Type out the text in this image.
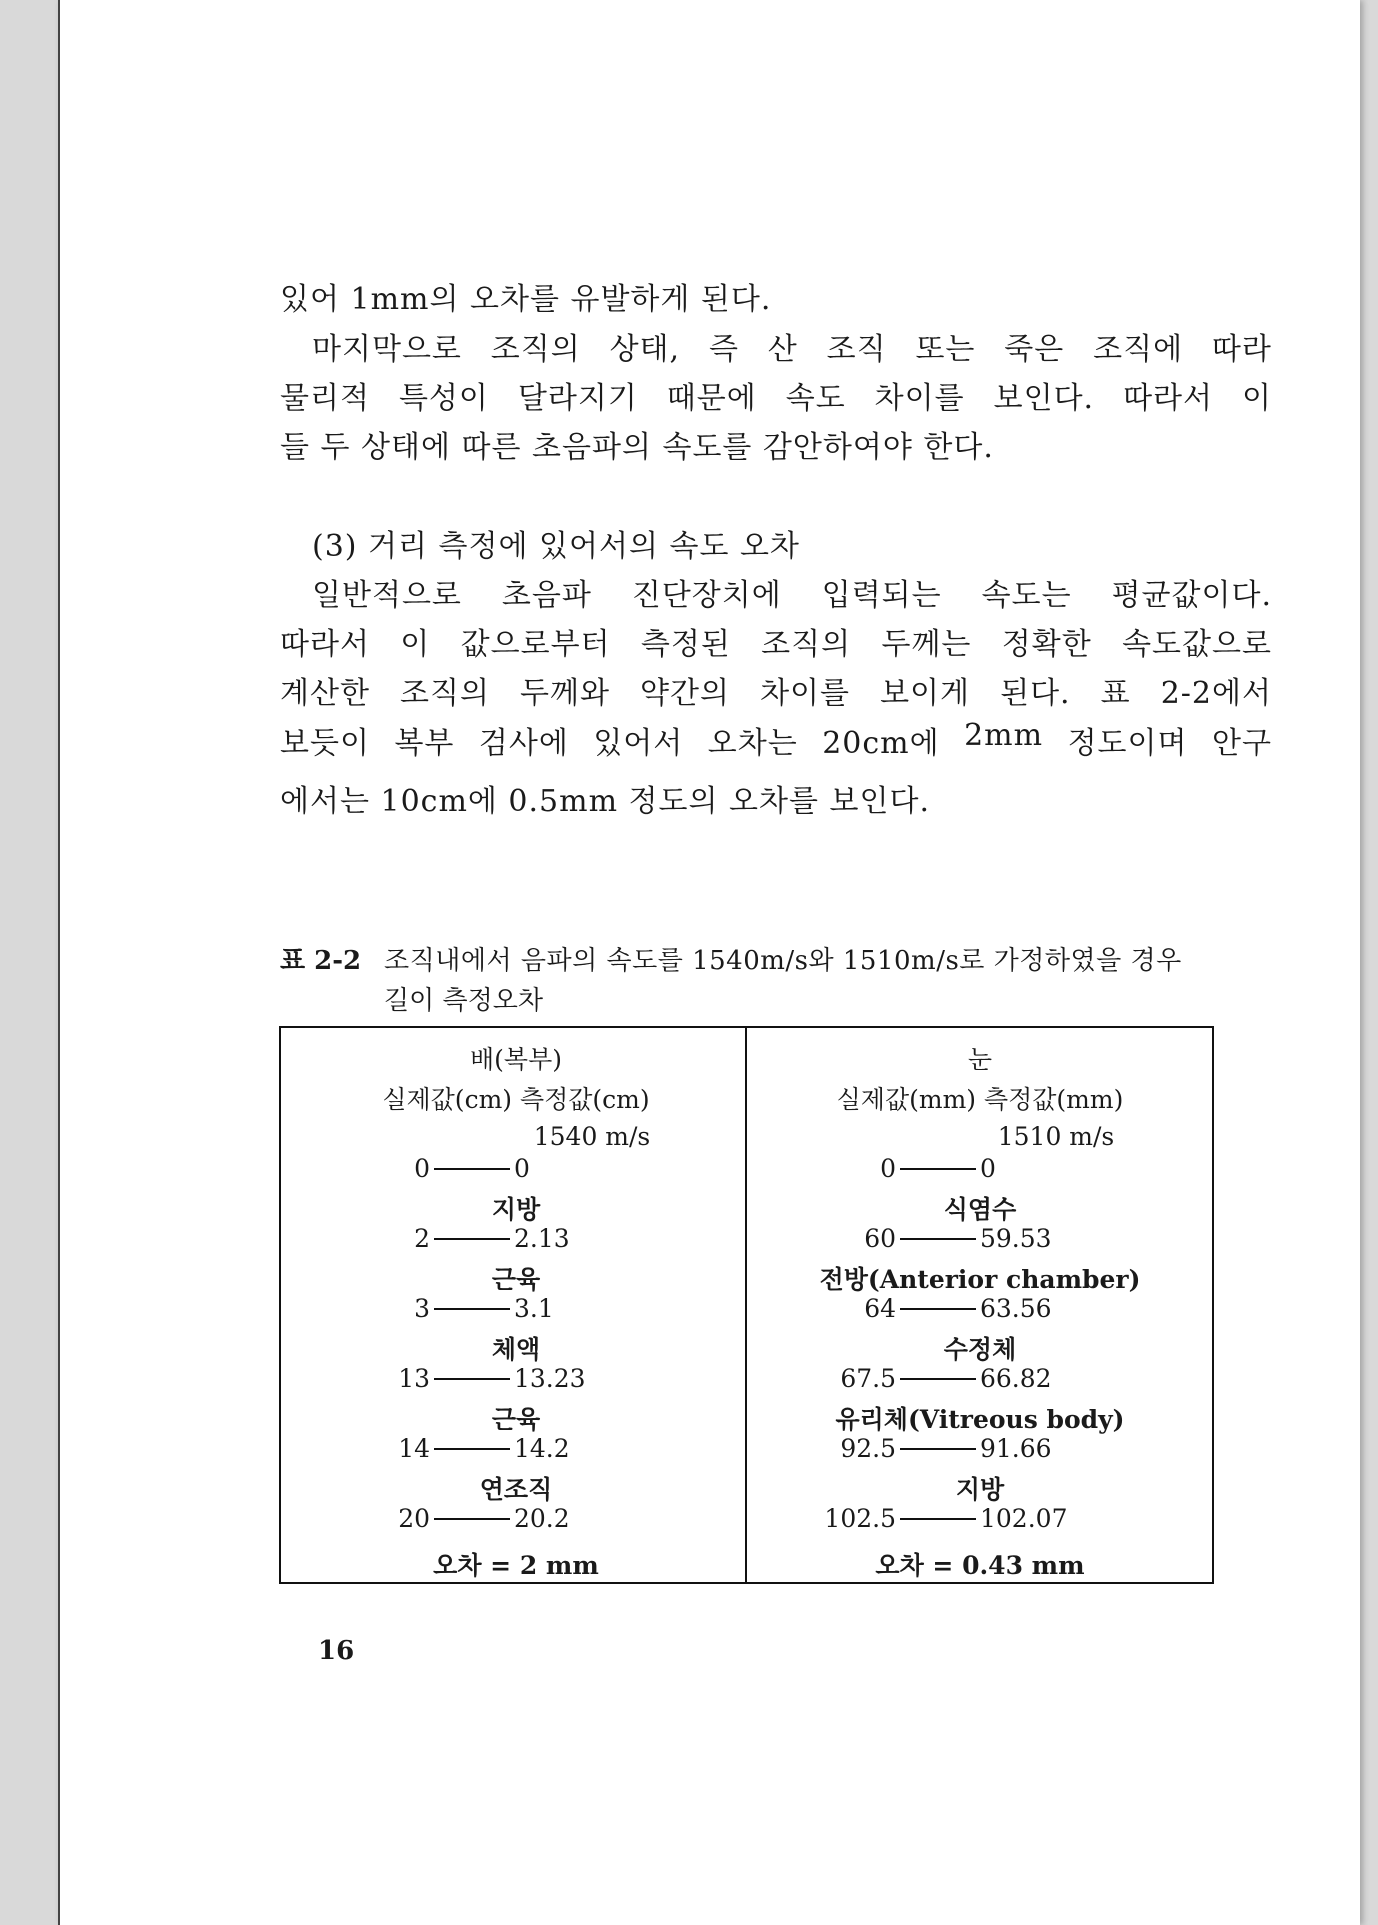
있어 1mm의 오차를 유발하게 된다.
마지막으로 조직의 상태, 즉 산 조직 또는 죽은 조직에 따라
물리적 특성이 달라지기 때문에 속도 차이를 보인다. 따라서 이
들 두 상태에 따른 초음파의 속도를 감안하여야 한다.
(3) 거리 측정에 있어서의 속도 오차
일반적으로 초음파 진단장치에 입력되는 속도는 평균값이다.
따라서 이 값으로부터 측정된 조직의 두께는 정확한 속도값으로
계산한 조직의 두께와 약간의 차이를 보이게 된다. 표 2-2에서
보듯이 복부 검사에 있어서 오차는 20cm에 2mm 정도이며 안구
에서는 10cm에 0.5mm 정도의 오차를 보인다.
표 2-2 조직내에서 음파의 속도를 1540m/s와 1510m/s로 가정하였을 경우
길이 측정오차
배(복부)
실제값(cm) 측정값(cm)
1540 m/s
0	0
지방
2	2.13
근육
3	3.1
체액
13	13.23
근육
14	14.2
연조직
20	20.2
오차 = 2 mm
눈
실제값(mm) 측정값(mm)
1510 m/s
0	0
식염수
60	59.53
전방(Anterior chamber)
64	63.56
수정체
67.5	66.82
유리체(Vitreous body)
92.5	91.66
지방
102.5	102.07
오차 = 0.43 mm
16
